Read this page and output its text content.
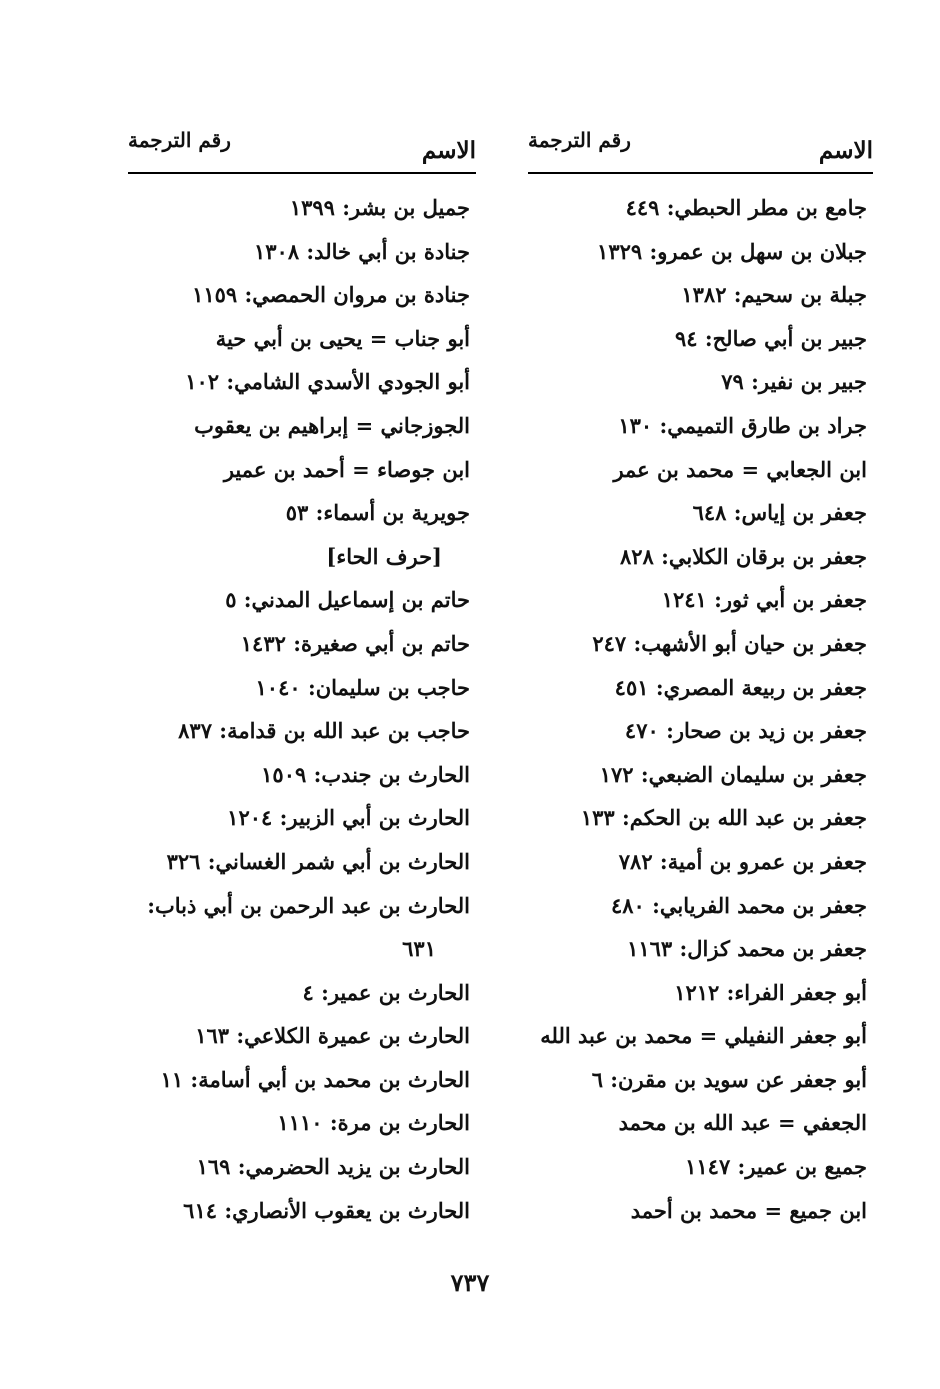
الاسم
رقم الترجمة
جامع بن مطر الحبطي: ٤٤٩
جبلان بن سهل بن عمرو: ١٣٢٩
جبلة بن سحيم: ١٣٨٢
جبير بن أبي صالح: ٩٤
جبير بن نفير: ٧٩
جراد بن طارق التميمي: ١٣٠
ابن الجعابي = محمد بن عمر
جعفر بن إياس: ٦٤٨
جعفر بن برقان الكلابي: ٨٢٨
جعفر بن أبي ثور: ١٢٤١
جعفر بن حيان أبو الأشهب: ٢٤٧
جعفر بن ربيعة المصري: ٤٥١
جعفر بن زيد بن صحار: ٤٧٠
جعفر بن سليمان الضبعي: ١٧٢
جعفر بن عبد الله بن الحكم: ١٣٣
جعفر بن عمرو بن أمية: ٧٨٢
جعفر بن محمد الفريابي: ٤٨٠
جعفر بن محمد كزال: ١١٦٣
أبو جعفر الفراء: ١٢١٢
أبو جعفر النفيلي = محمد بن عبد الله
أبو جعفر عن سويد بن مقرن: ٦
الجعفي = عبد الله بن محمد
جميع بن عمير: ١١٤٧
ابن جميع = محمد بن أحمد
الاسم
رقم الترجمة
جميل بن بشر: ١٣٩٩
جنادة بن أبي خالد: ١٣٠٨
جنادة بن مروان الحمصي: ١١٥٩
أبو جناب = يحيى بن أبي حية
أبو الجودي الأسدي الشامي: ١٠٢
الجوزجاني = إبراهيم بن يعقوب
ابن جوصاء = أحمد بن عمير
جويرية بن أسماء: ٥٣
[حرف الحاء]
حاتم بن إسماعيل المدني: ٥
حاتم بن أبي صغيرة: ١٤٣٢
حاجب بن سليمان: ١٠٤٠
حاجب بن عبد الله بن قدامة: ٨٣٧
الحارث بن جندب: ١٥٠٩
الحارث بن أبي الزبير: ١٢٠٤
الحارث بن أبي شمر الغساني: ٣٢٦
الحارث بن عبد الرحمن بن أبي ذباب:
٦٣١
الحارث بن عمير: ٤
الحارث بن عميرة الكلاعي: ١٦٣
الحارث بن محمد بن أبي أسامة: ١١
الحارث بن مرة: ١١١٠
الحارث بن يزيد الحضرمي: ١٦٩
الحارث بن يعقوب الأنصاري: ٦١٤
٧٣٧
